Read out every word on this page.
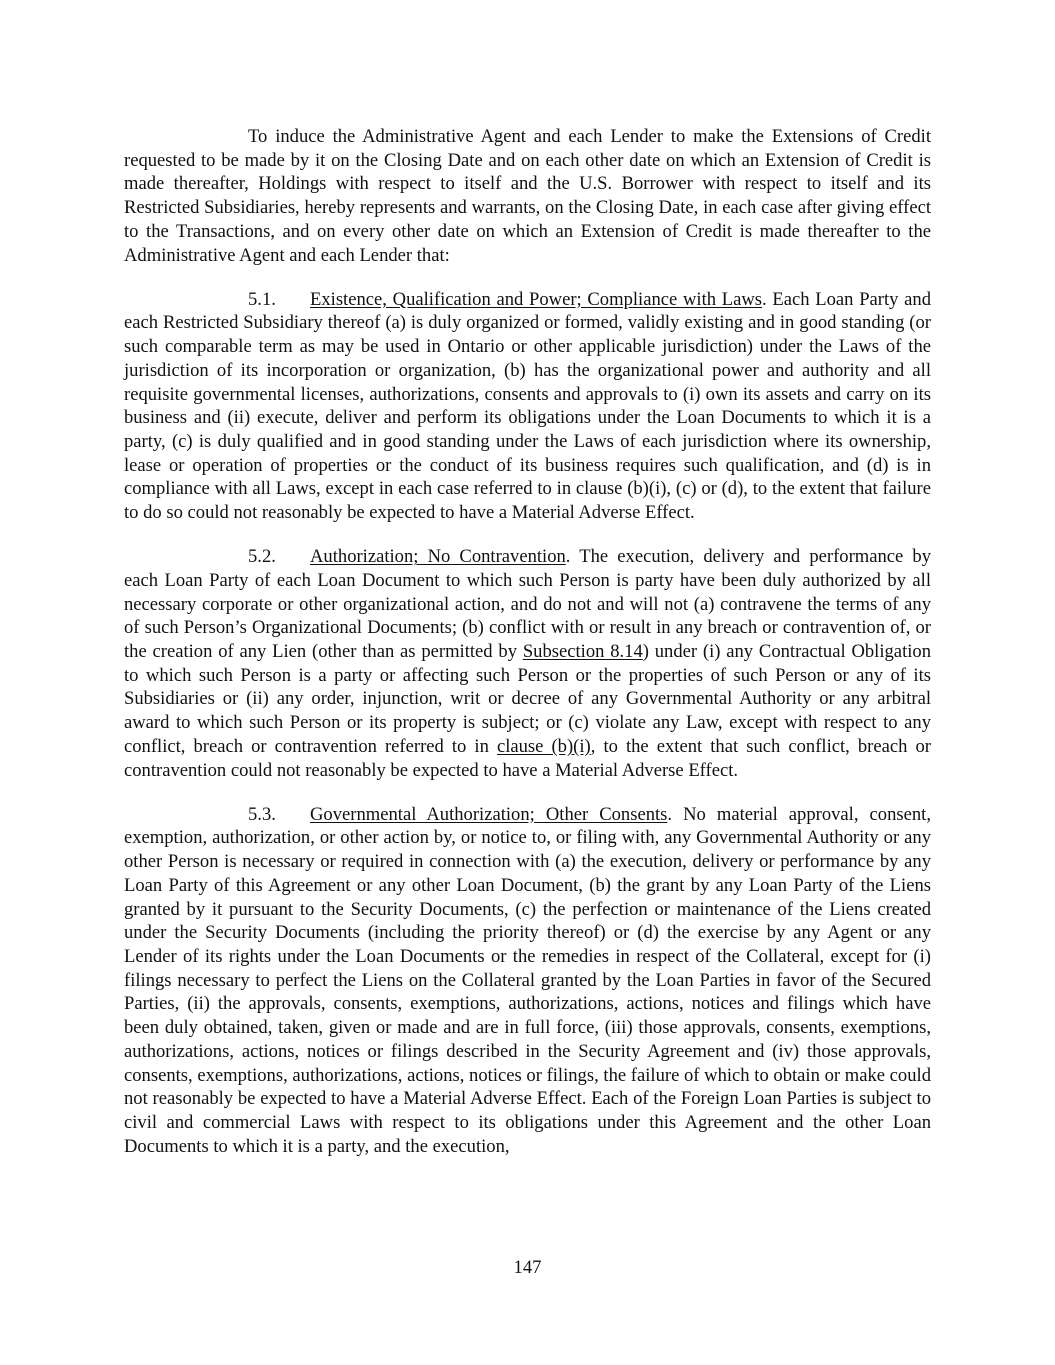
To induce the Administrative Agent and each Lender to make the Extensions of Credit requested to be made by it on the Closing Date and on each other date on which an Extension of Credit is made thereafter, Holdings with respect to itself and the U.S. Borrower with respect to itself and its Restricted Subsidiaries, hereby represents and warrants, on the Closing Date, in each case after giving effect to the Transactions, and on every other date on which an Extension of Credit is made thereafter to the Administrative Agent and each Lender that:

5.1. Existence, Qualification and Power; Compliance with Laws. Each Loan Party and each Restricted Subsidiary thereof (a) is duly organized or formed, validly existing and in good standing (or such comparable term as may be used in Ontario or other applicable jurisdiction) under the Laws of the jurisdiction of its incorporation or organization, (b) has the organizational power and authority and all requisite governmental licenses, authorizations, consents and approvals to (i) own its assets and carry on its business and (ii) execute, deliver and perform its obligations under the Loan Documents to which it is a party, (c) is duly qualified and in good standing under the Laws of each jurisdiction where its ownership, lease or operation of properties or the conduct of its business requires such qualification, and (d) is in compliance with all Laws, except in each case referred to in clause (b)(i), (c) or (d), to the extent that failure to do so could not reasonably be expected to have a Material Adverse Effect.

5.2. Authorization; No Contravention. The execution, delivery and performance by each Loan Party of each Loan Document to which such Person is party have been duly authorized by all necessary corporate or other organizational action, and do not and will not (a) contravene the terms of any of such Person’s Organizational Documents; (b) conflict with or result in any breach or contravention of, or the creation of any Lien (other than as permitted by Subsection 8.14) under (i) any Contractual Obligation to which such Person is a party or affecting such Person or the properties of such Person or any of its Subsidiaries or (ii) any order, injunction, writ or decree of any Governmental Authority or any arbitral award to which such Person or its property is subject; or (c) violate any Law, except with respect to any conflict, breach or contravention referred to in clause (b)(i), to the extent that such conflict, breach or contravention could not reasonably be expected to have a Material Adverse Effect.

5.3. Governmental Authorization; Other Consents. No material approval, consent, exemption, authorization, or other action by, or notice to, or filing with, any Governmental Authority or any other Person is necessary or required in connection with (a) the execution, delivery or performance by any Loan Party of this Agreement or any other Loan Document, (b) the grant by any Loan Party of the Liens granted by it pursuant to the Security Documents, (c) the perfection or maintenance of the Liens created under the Security Documents (including the priority thereof) or (d) the exercise by any Agent or any Lender of its rights under the Loan Documents or the remedies in respect of the Collateral, except for (i) filings necessary to perfect the Liens on the Collateral granted by the Loan Parties in favor of the Secured Parties, (ii) the approvals, consents, exemptions, authorizations, actions, notices and filings which have been duly obtained, taken, given or made and are in full force, (iii) those approvals, consents, exemptions, authorizations, actions, notices or filings described in the Security Agreement and (iv) those approvals, consents, exemptions, authorizations, actions, notices or filings, the failure of which to obtain or make could not reasonably be expected to have a Material Adverse Effect. Each of the Foreign Loan Parties is subject to civil and commercial Laws with respect to its obligations under this Agreement and the other Loan Documents to which it is a party, and the execution,

147
